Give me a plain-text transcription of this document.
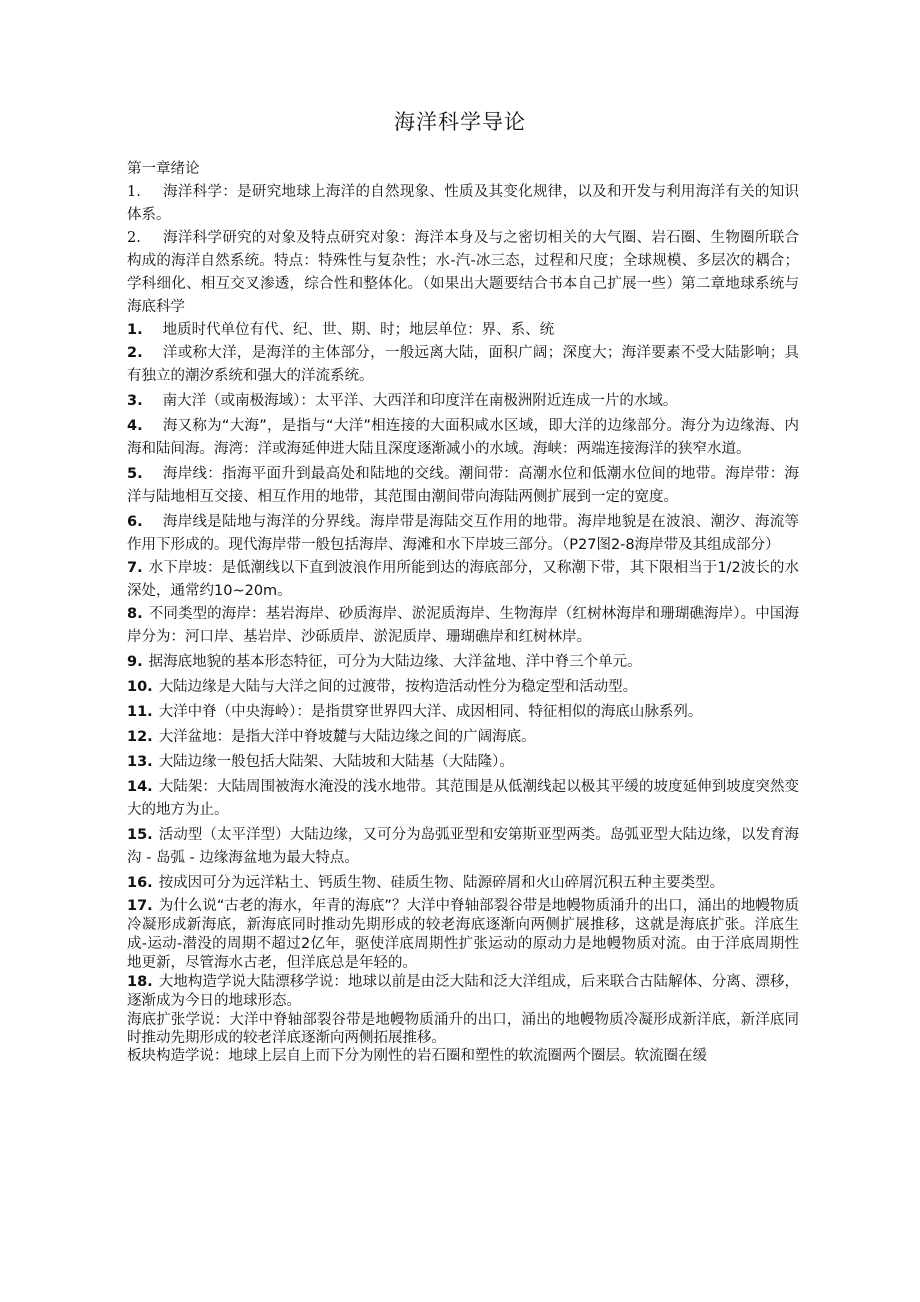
海洋科学导论

第一章绪论

1. 海洋科学：是研究地球上海洋的自然现象、性质及其变化规律，以及和开发与利用海洋有关的知识体系。

2. 海洋科学研究的对象及特点研究对象：海洋本身及与之密切相关的大气圈、岩石圈、生物圈所联合构成的海洋自然系统。特点：特殊性与复杂性；水-汽-冰三态，过程和尺度；全球规模、多层次的耦合；学科细化、相互交叉渗透，综合性和整体化。（如果出大题要结合书本自己扩展一些）第二章地球系统与海底科学

1. 地质时代单位有代、纪、世、期、时；地层单位：界、系、统

2. 洋或称大洋，是海洋的主体部分，一般远离大陆，面积广阔；深度大；海洋要素不受大陆影响；具有独立的潮汐系统和强大的洋流系统。

3. 南大洋（或南极海域）：太平洋、大西洋和印度洋在南极洲附近连成一片的水域。

4. 海又称为“大海”，是指与“大洋”相连接的大面积咸水区域，即大洋的边缘部分。海分为边缘海、内海和陆间海。海湾：洋或海延伸进大陆且深度逐渐减小的水域。海峡：两端连接海洋的狭窄水道。

5. 海岸线：指海平面升到最高处和陆地的交线。潮间带：高潮水位和低潮水位间的地带。海岸带：海洋与陆地相互交接、相互作用的地带，其范围由潮间带向海陆两侧扩展到一定的宽度。

6. 海岸线是陆地与海洋的分界线。海岸带是海陆交互作用的地带。海岸地貌是在波浪、潮汐、海流等作用下形成的。现代海岸带一般包括海岸、海滩和水下岸坡三部分。（P27图2-8海岸带及其组成部分）

7. 水下岸坡：是低潮线以下直到波浪作用所能到达的海底部分，又称潮下带，其下限相当于1/2波长的水深处，通常约10~20m。

8. 不同类型的海岸：基岩海岸、砂质海岸、淤泥质海岸、生物海岸（红树林海岸和珊瑚礁海岸）。中国海岸分为：河口岸、基岩岸、沙砾质岸、淤泥质岸、珊瑚礁岸和红树林岸。

9. 据海底地貌的基本形态特征，可分为大陆边缘、大洋盆地、洋中脊三个单元。

10. 大陆边缘是大陆与大洋之间的过渡带，按构造活动性分为稳定型和活动型。

11. 大洋中脊（中央海岭）：是指贯穿世界四大洋、成因相同、特征相似的海底山脉系列。

12. 大洋盆地：是指大洋中脊坡麓与大陆边缘之间的广阔海底。

13. 大陆边缘一般包括大陆架、大陆坡和大陆基（大陆隆）。

14. 大陆架：大陆周围被海水淹没的浅水地带。其范围是从低潮线起以极其平缓的坡度延伸到坡度突然变大的地方为止。

15. 活动型（太平洋型）大陆边缘，又可分为岛弧亚型和安第斯亚型两类。岛弧亚型大陆边缘，以发育海沟 - 岛弧 - 边缘海盆地为最大特点。

16. 按成因可分为远洋粘土、钙质生物、硅质生物、陆源碎屑和火山碎屑沉积五种主要类型。

17. 为什么说“古老的海水，年青的海底”？大洋中脊轴部裂谷带是地幔物质涌升的出口，涌出的地幔物质冷凝形成新海底，新海底同时推动先期形成的较老海底逐渐向两侧扩展推移，这就是海底扩张。洋底生成-运动-潜没的周期不超过2亿年，驱使洋底周期性扩张运动的原动力是地幔物质对流。由于洋底周期性地更新，尽管海水古老，但洋底总是年轻的。

18. 大地构造学说大陆漂移学说：地球以前是由泛大陆和泛大洋组成，后来联合古陆解体、分离、漂移，逐渐成为今日的地球形态。

海底扩张学说：大洋中脊轴部裂谷带是地幔物质涌升的出口，涌出的地幔物质冷凝形成新洋底，新洋底同时推动先期形成的较老洋底逐渐向两侧拓展推移。

板块构造学说：地球上层自上而下分为刚性的岩石圈和塑性的软流圈两个圈层。软流圈在缓
